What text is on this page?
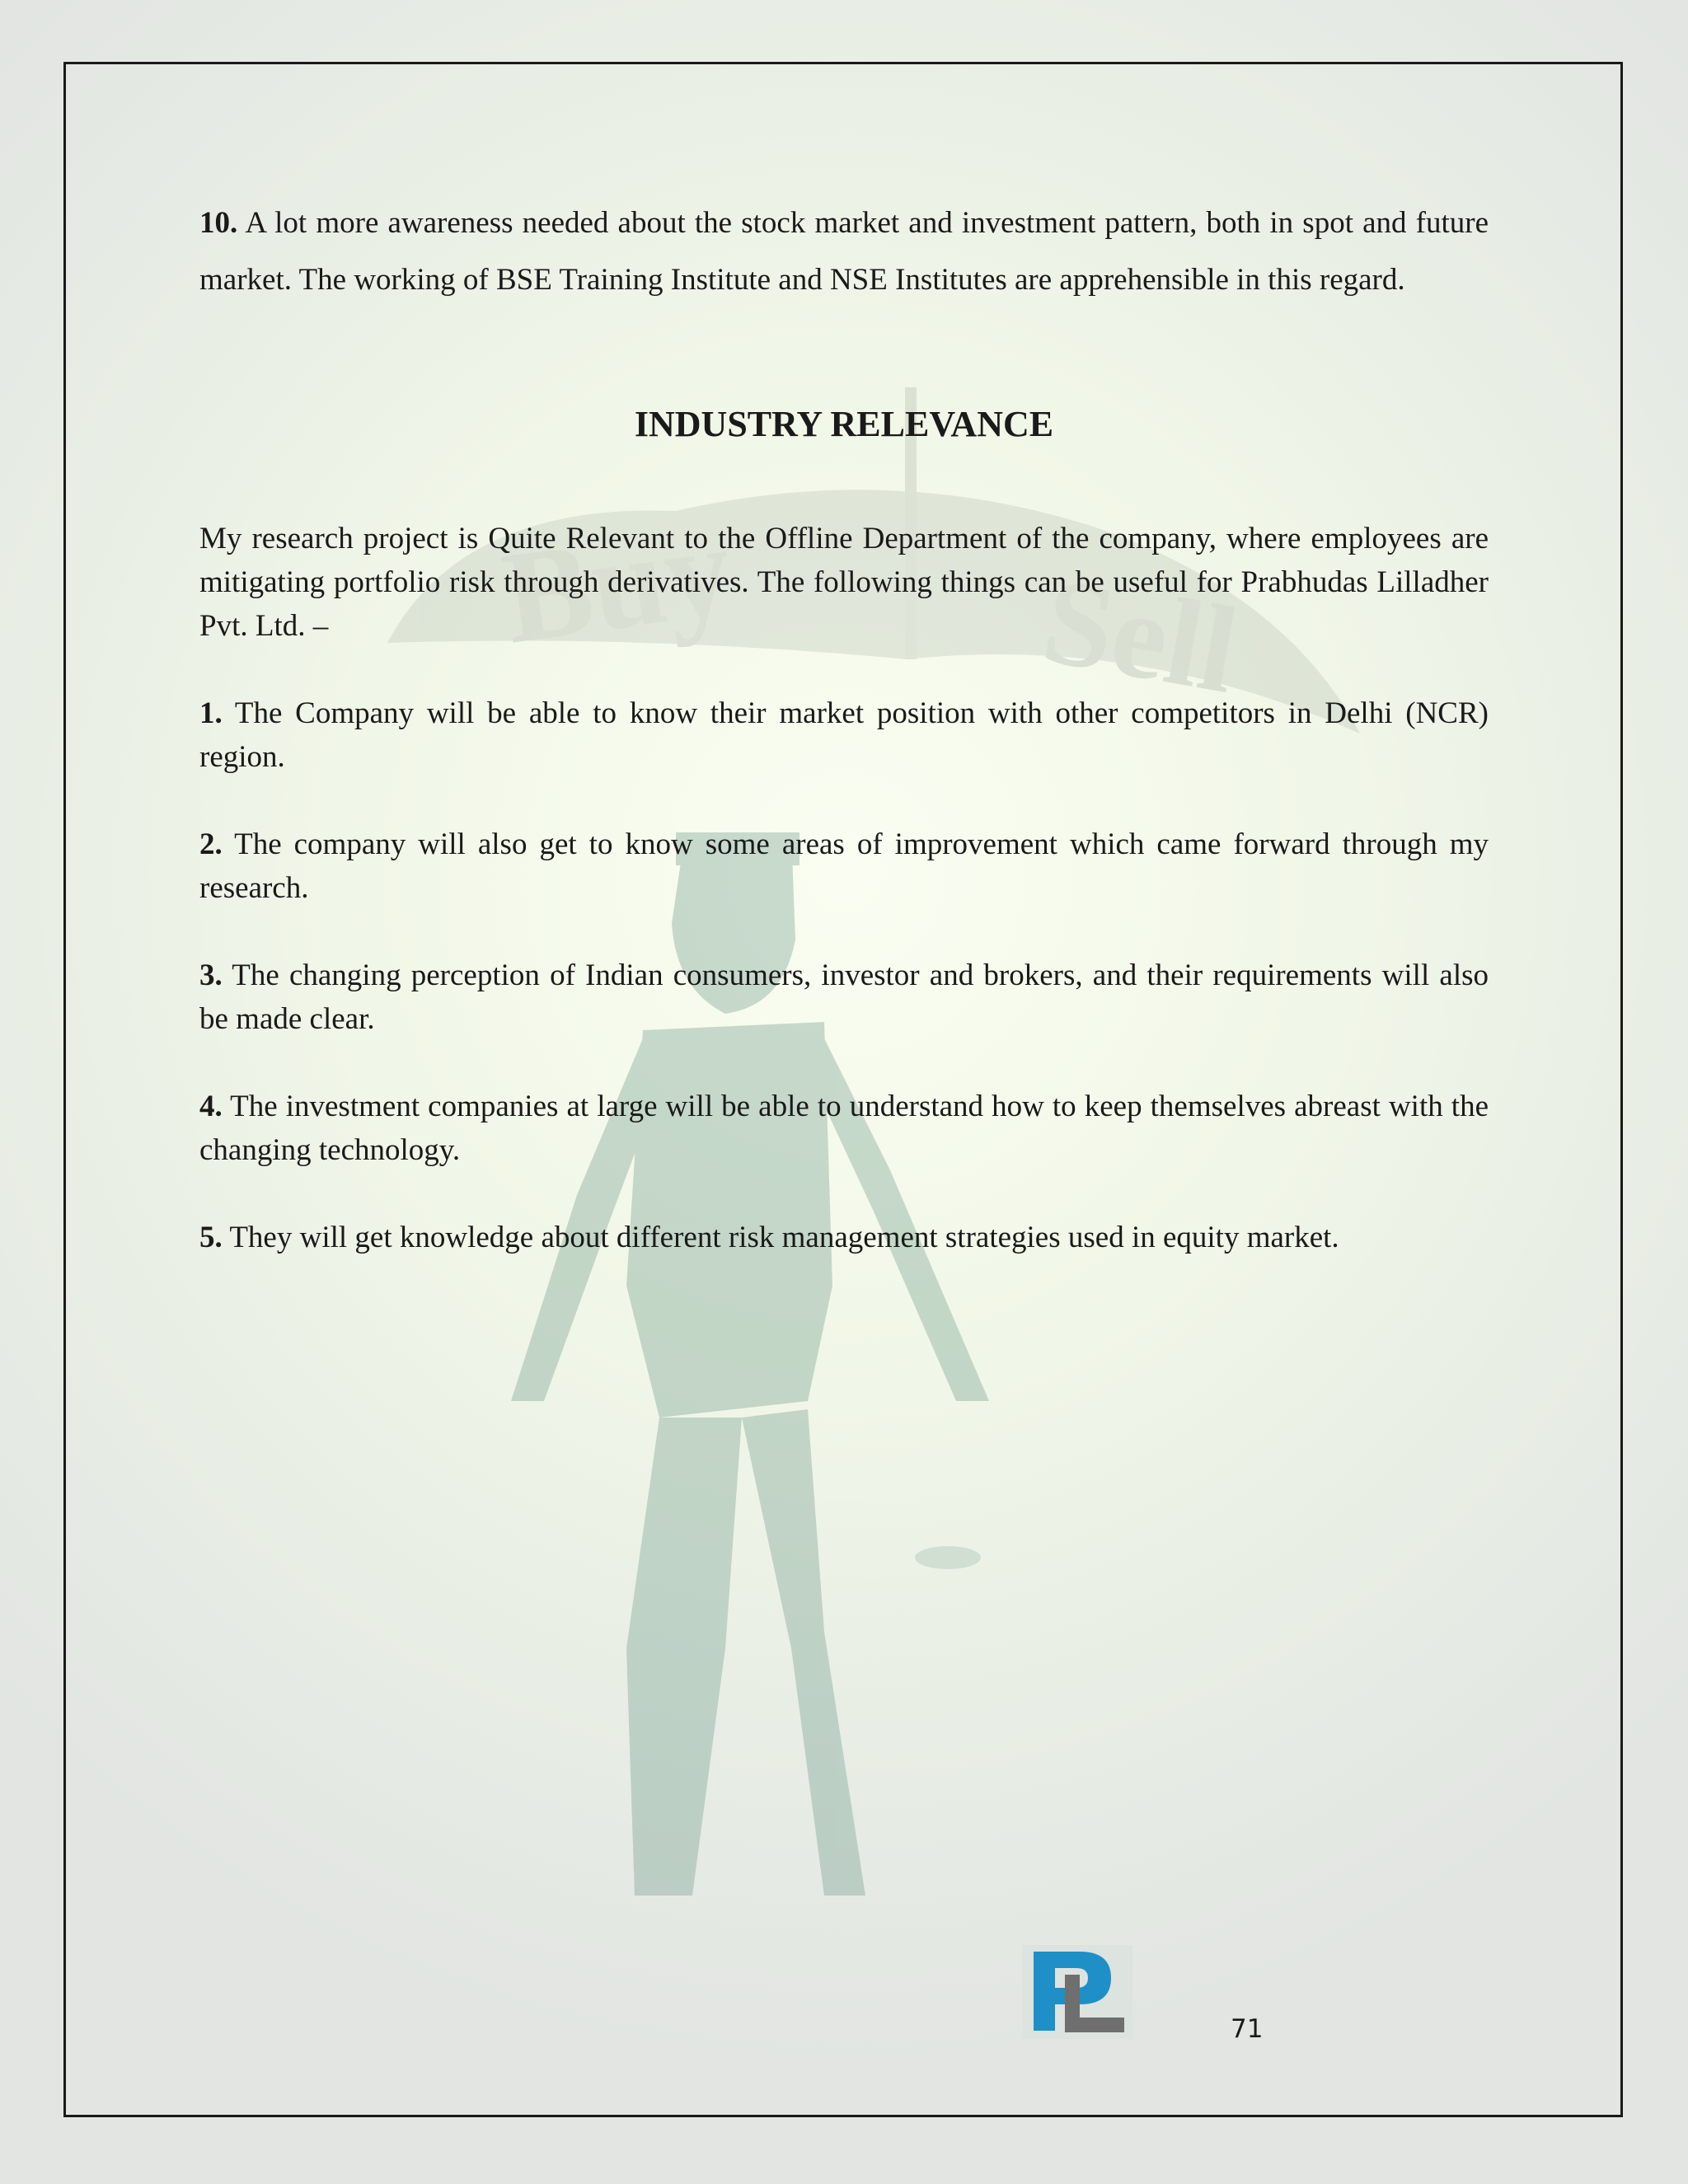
Buy Sell

10. A lot more awareness needed about the stock market and investment pattern, both in spot and future market. The working of BSE Training Institute and NSE Institutes are apprehensible in this regard.

INDUSTRY RELEVANCE

My research project is Quite Relevant to the Offline Department of the company, where employees are mitigating portfolio risk through derivatives. The following things can be useful for Prabhudas Lilladher Pvt. Ltd. –

1. The Company will be able to know their market position with other competitors in Delhi (NCR) region.

2. The company will also get to know some areas of improvement which came forward through my research.

3. The changing perception of Indian consumers, investor and brokers, and their requirements will also be made clear.

4. The investment companies at large will be able to understand how to keep themselves abreast with the changing technology.

5. They will get knowledge about different risk management strategies used in equity market.

71
